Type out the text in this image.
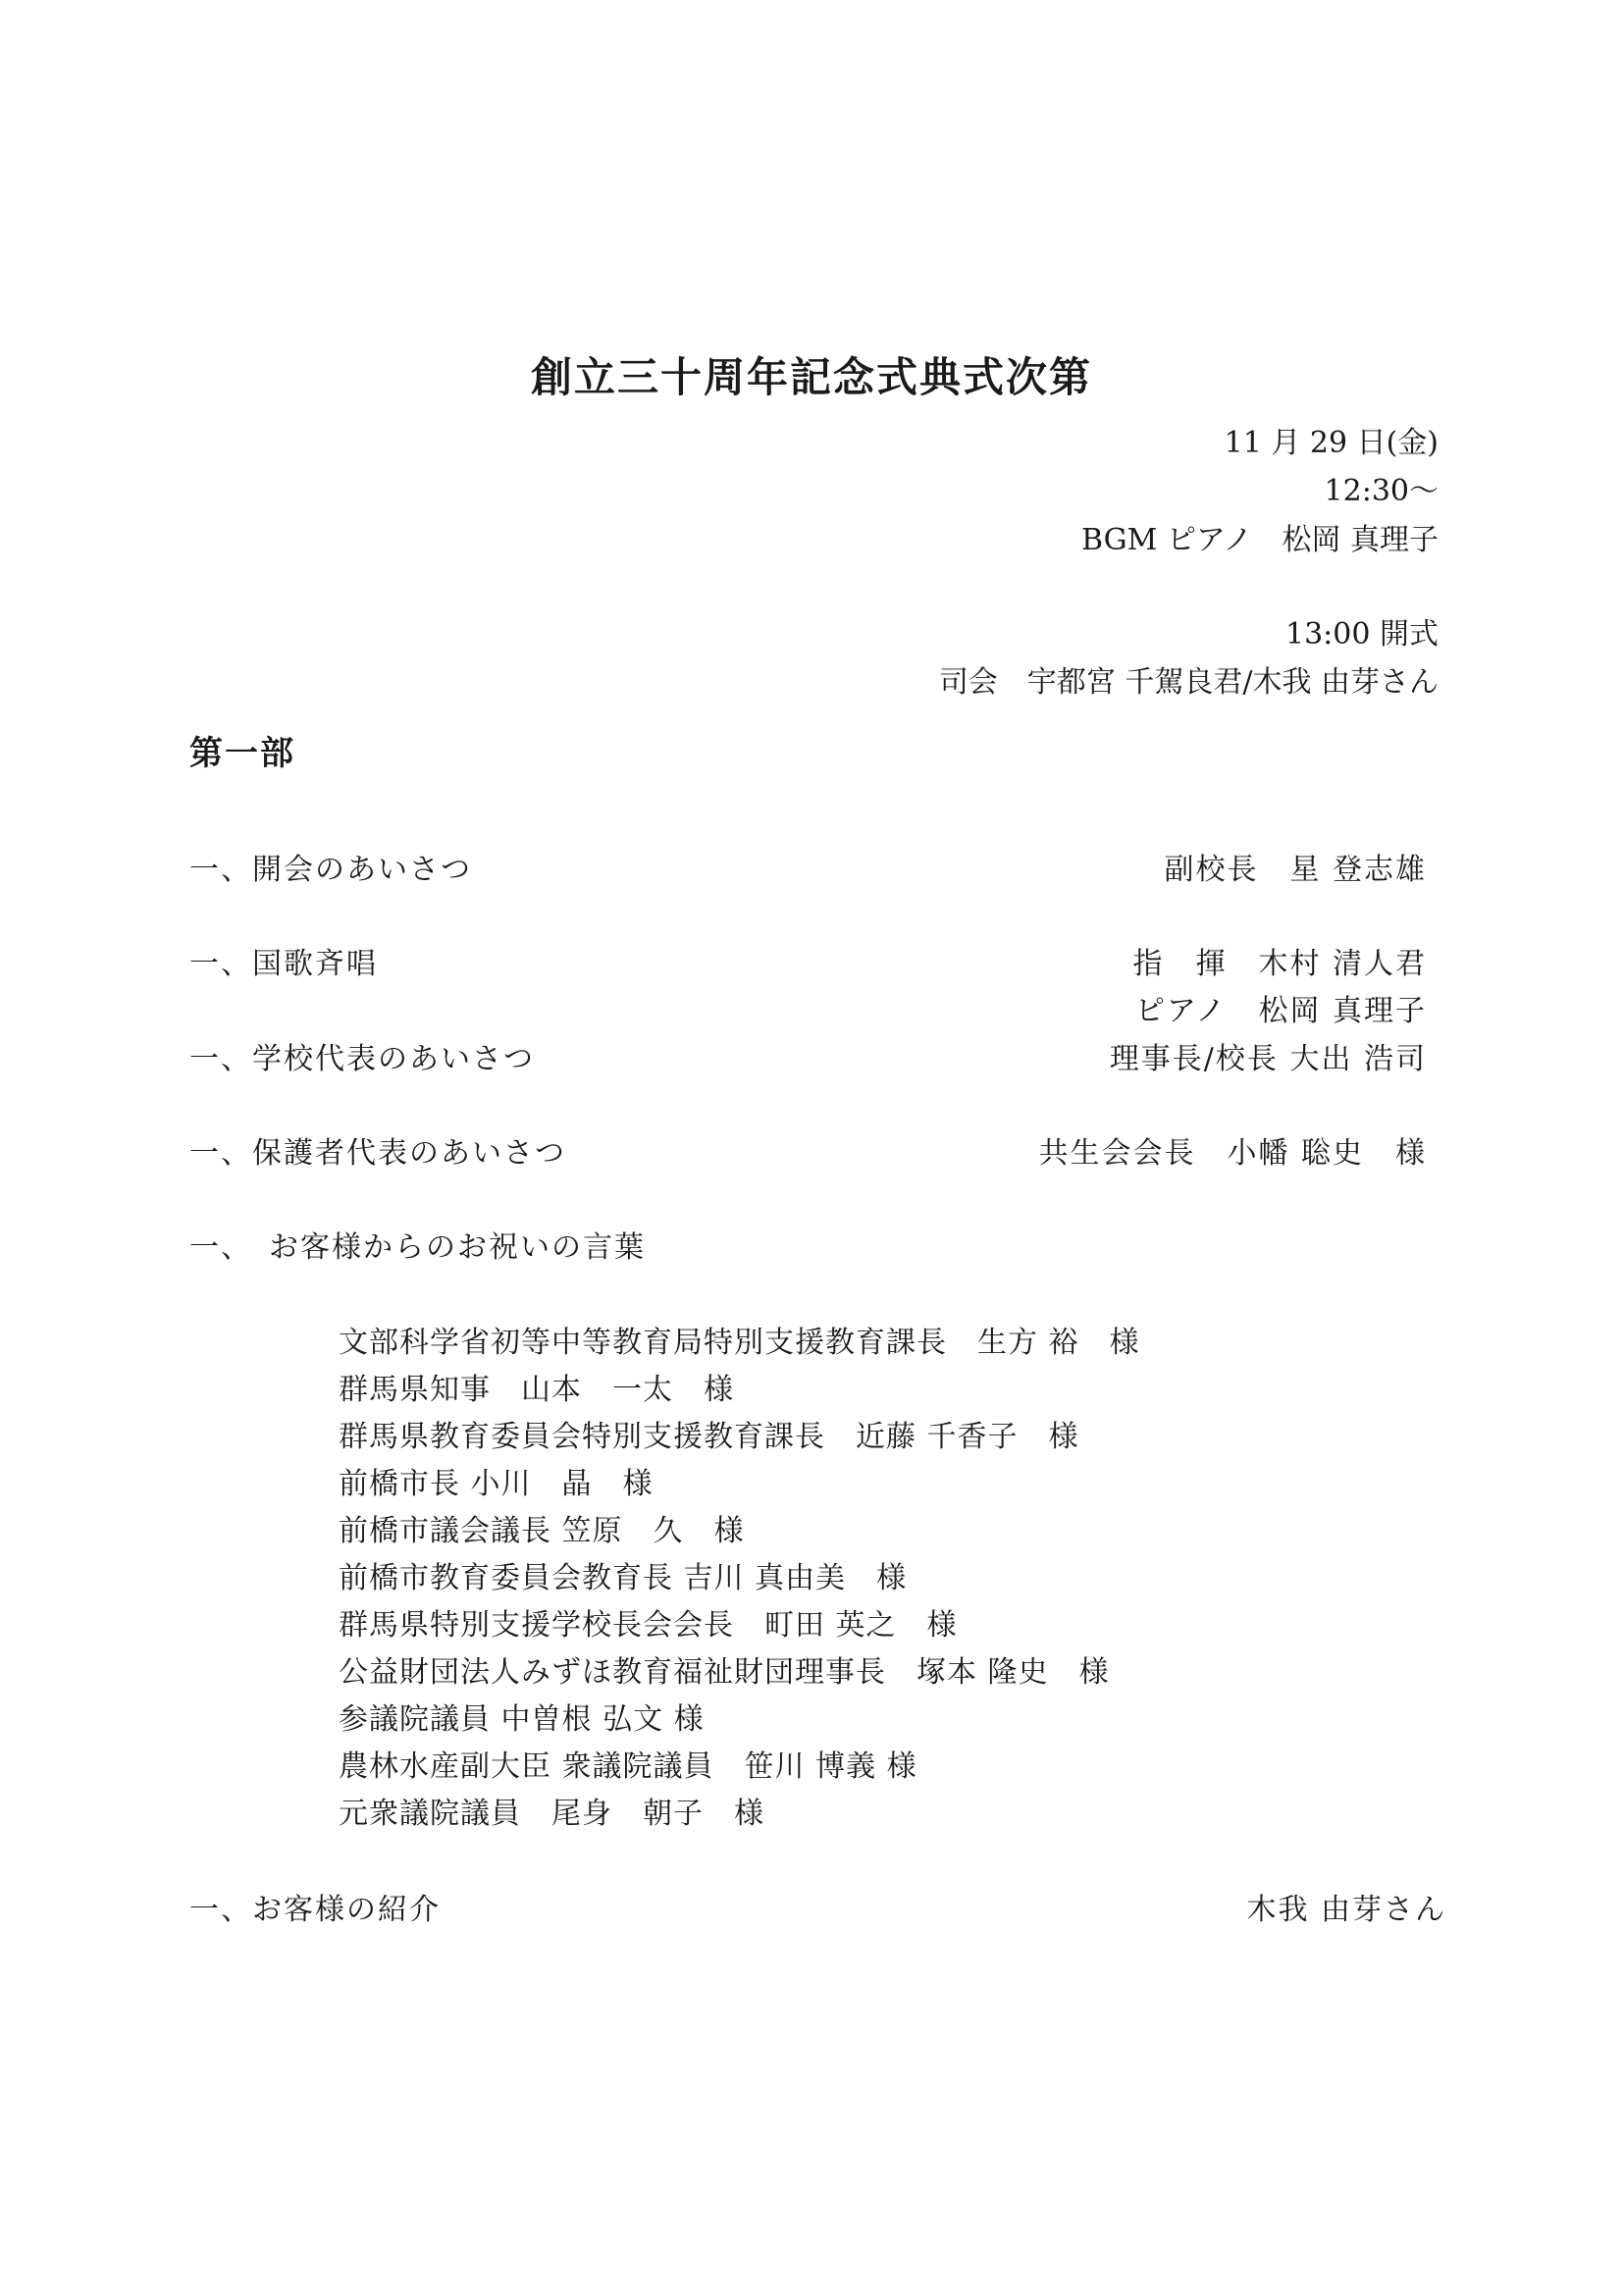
創立三十周年記念式典式次第
11 月 29 日(金)
12:30～
BGM ピアノ　松岡 真理子
13:00 開式
司会　宇都宮 千駕良君/木我 由芽さん
第一部
一、開会のあいさつ	副校長　星 登志雄
一、国歌斉唱	指　揮　木村 清人君
ピアノ　松岡 真理子
一、学校代表のあいさつ	理事長/校長 大出 浩司
一、保護者代表のあいさつ	共生会会長　小幡 聡史　様
一、　お客様からのお祝いの言葉
文部科学省初等中等教育局特別支援教育課長　生方 裕　様
群馬県知事　山本　一太　様
群馬県教育委員会特別支援教育課長　近藤 千香子　様
前橋市長 小川　晶　様
前橋市議会議長 笠原　久　様
前橋市教育委員会教育長 吉川 真由美　様
群馬県特別支援学校長会会長　町田 英之　様
公益財団法人みずほ教育福祉財団理事長　塚本 隆史　様
参議院議員 中曽根 弘文 様
農林水産副大臣 衆議院議員　笹川 博義 様
元衆議院議員　尾身　朝子　様
一、お客様の紹介	木我 由芽さん
